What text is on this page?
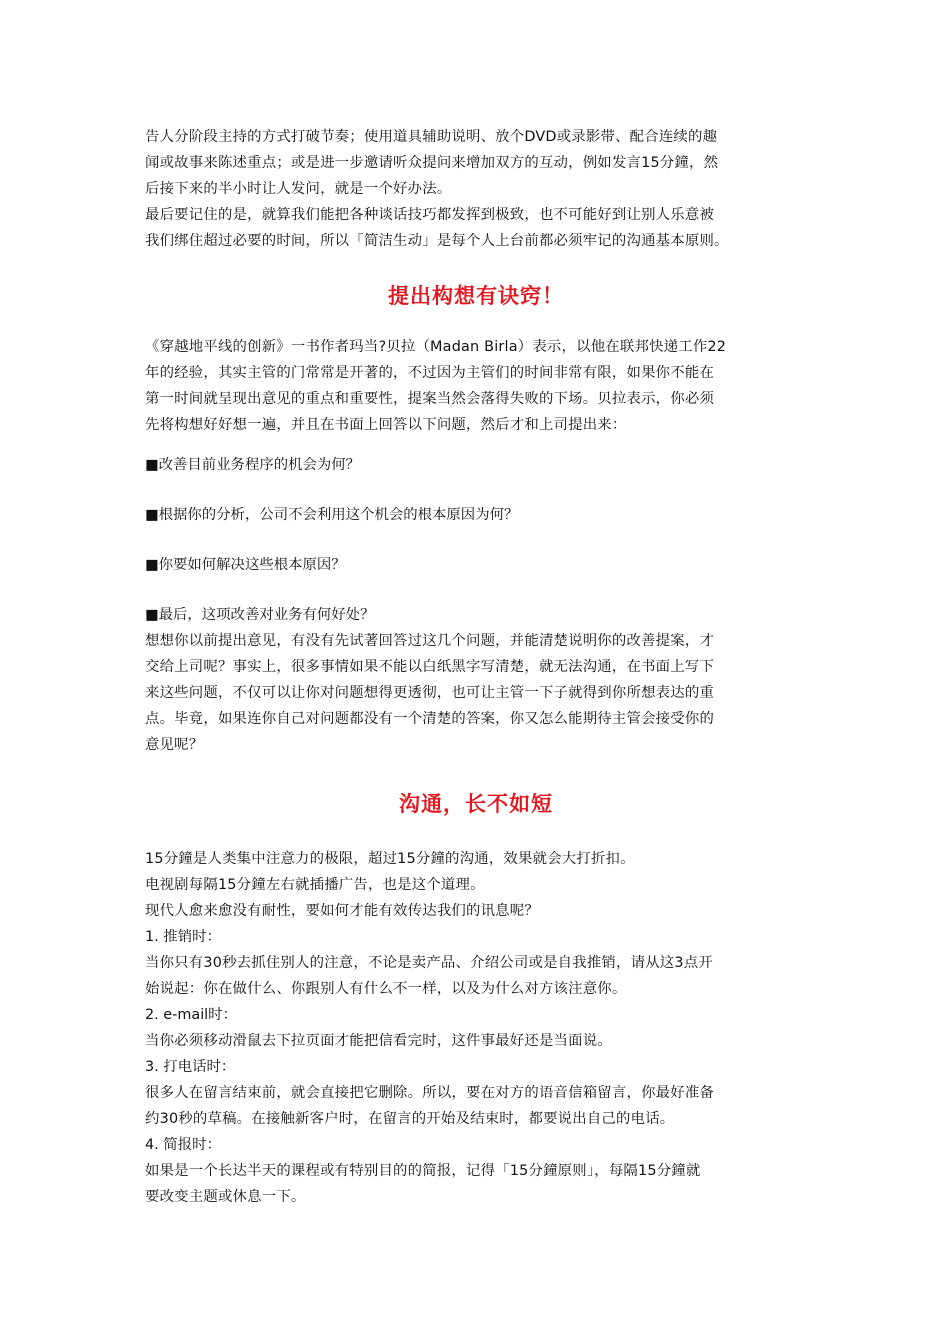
告人分阶段主持的方式打破节奏；使用道具辅助说明、放个DVD或录影带、配合连续的趣
闻或故事来陈述重点；或是进一步邀请听众提问来增加双方的互动，例如发言15分鐘，然
后接下来的半小时让人发问，就是一个好办法。

最后要记住的是，就算我们能把各种谈话技巧都发挥到极致，也不可能好到让别人乐意被
我们绑住超过必要的时间，所以「简洁生动」是每个人上台前都必须牢记的沟通基本原则。

提出构想有诀窍！

《穿越地平线的创新》一书作者玛当?贝拉（Madan Birla）表示，以他在联邦快递工作22
年的经验，其实主管的门常常是开著的，不过因为主管们的时间非常有限，如果你不能在
第一时间就呈现出意见的重点和重要性，提案当然会落得失败的下场。贝拉表示，你必须
先将构想好好想一遍，并且在书面上回答以下问题，然后才和上司提出来：

■改善目前业务程序的机会为何？

■根据你的分析，公司不会利用这个机会的根本原因为何？

■你要如何解决这些根本原因？

■最后，这项改善对业务有何好处？

想想你以前提出意见，有没有先试著回答过这几个问题，并能清楚说明你的改善提案，才
交给上司呢？事实上，很多事情如果不能以白纸黑字写清楚，就无法沟通，在书面上写下
来这些问题，不仅可以让你对问题想得更透彻，也可让主管一下子就得到你所想表达的重
点。毕竟，如果连你自己对问题都没有一个清楚的答案，你又怎么能期待主管会接受你的
意见呢？

沟通，长不如短

15分鐘是人类集中注意力的极限，超过15分鐘的沟通，效果就会大打折扣。

电视剧每隔15分鐘左右就插播广告，也是这个道理。

现代人愈来愈没有耐性，要如何才能有效传达我们的讯息呢？

1. 推销时：

当你只有30秒去抓住别人的注意，不论是卖产品、介绍公司或是自我推销，请从这3点开
始说起：你在做什么、你跟别人有什么不一样，以及为什么对方该注意你。

2. e-mail时：

当你必须移动滑鼠去下拉页面才能把信看完时，这件事最好还是当面说。

3. 打电话时：

很多人在留言结束前，就会直接把它删除。所以，要在对方的语音信箱留言，你最好准备
约30秒的草稿。在接触新客户时，在留言的开始及结束时，都要说出自己的电话。

4. 简报时：

如果是一个长达半天的课程或有特别目的的简报，记得「15分鐘原则」，每隔15分鐘就
要改变主题或休息一下。
